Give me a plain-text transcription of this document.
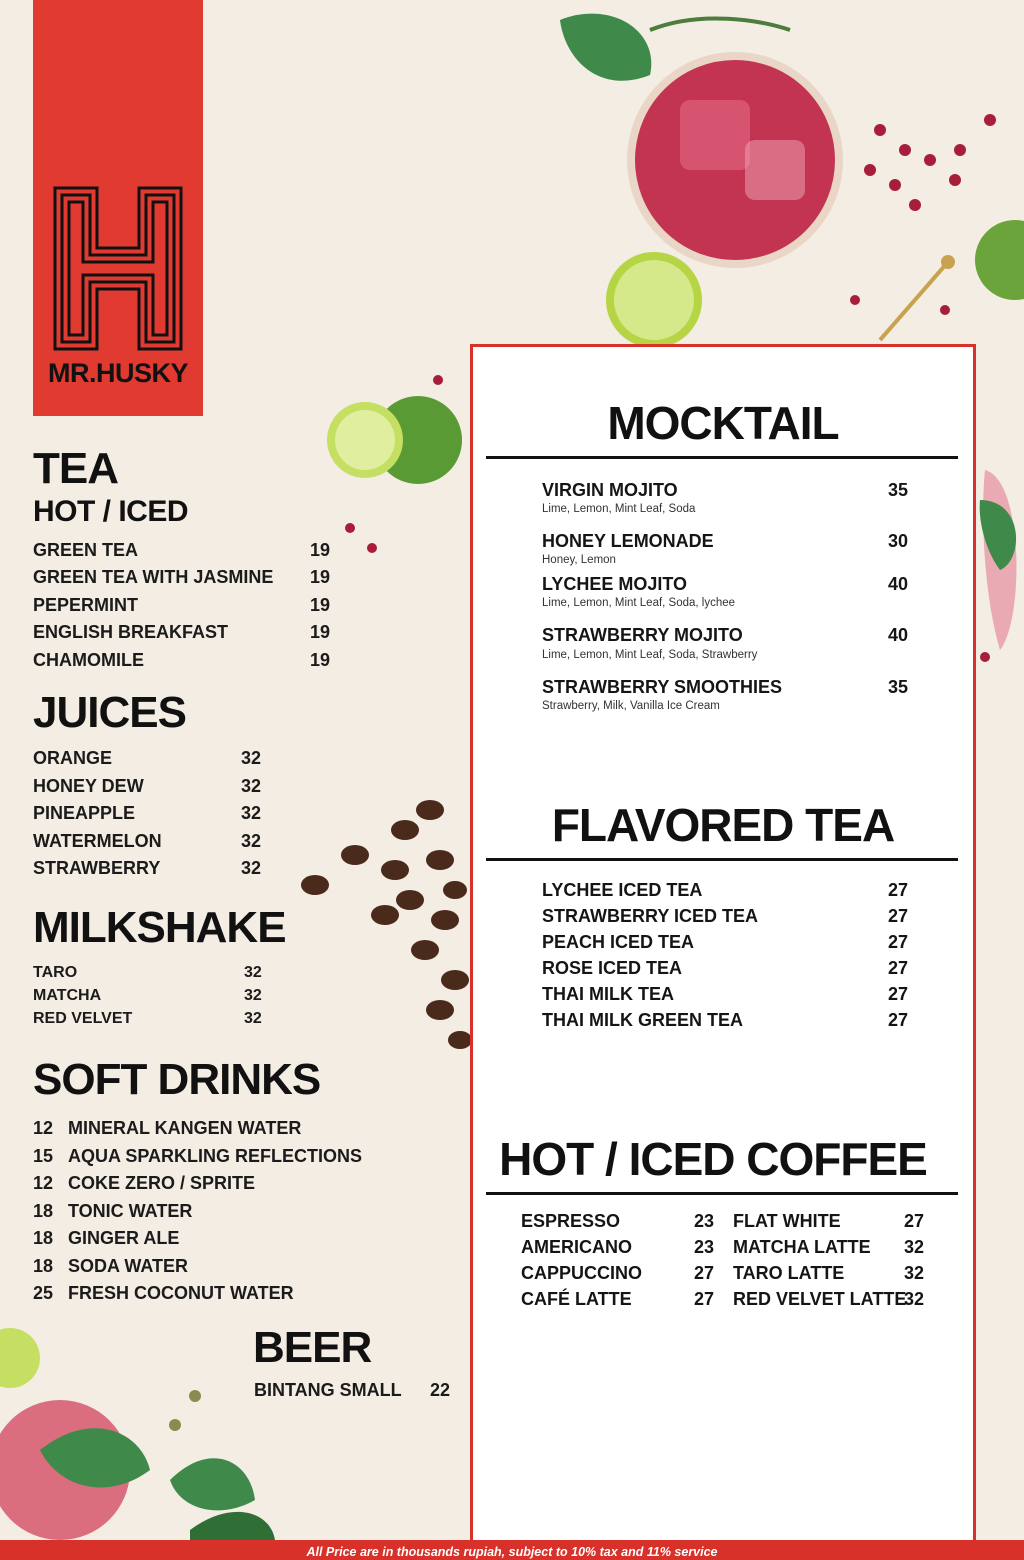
MR.HUSKY
TEA
HOT / ICED
GREEN TEA	19
GREEN TEA WITH JASMINE 19
PEPERMINT	19
ENGLISH BREAKFAST	19
CHAMOMILE	19
JUICES
ORANGE	32
HONEY DEW	32
PINEAPPLE	32
WATERMELON	32
STRAWBERRY	32
MILKSHAKE
TARO	32
MATCHA	32
RED VELVET	32
SOFT DRINKS
12 MINERAL KANGEN WATER
15 AQUA SPARKLING REFLECTIONS
12 COKE ZERO / SPRITE
18 TONIC WATER
18 GINGER ALE
18 SODA WATER
25 FRESH COCONUT WATER
BEER
BINTANG SMALL 22
MOCKTAIL
VIRGIN MOJITO
Lime, Lemon, Mint Leaf, Soda
35
HONEY LEMONADE
Honey, Lemon
30
LYCHEE MOJITO
Lime, Lemon, Mint Leaf, Soda, lychee
40
STRAWBERRY MOJITO
Lime, Lemon, Mint Leaf, Soda, Strawberry
40
STRAWBERRY SMOOTHIES
Strawberry, Milk, Vanilla Ice Cream
35
FLAVORED TEA
LYCHEE ICED TEA	27
STRAWBERRY ICED TEA	27
PEACH ICED TEA	27
ROSE ICED TEA	27
THAI MILK TEA	27
THAI MILK GREEN TEA	27
HOT / ICED COFFEE
ESPRESSO	23
AMERICANO	23
CAPPUCCINO	27
CAFÉ LATTE	27
FLAT WHITE	27
MATCHA LATTE 32
TARO LATTE	32
RED VELVET LATTE
32
All Price are in thousands rupiah, subject to 10% tax and 11% service
